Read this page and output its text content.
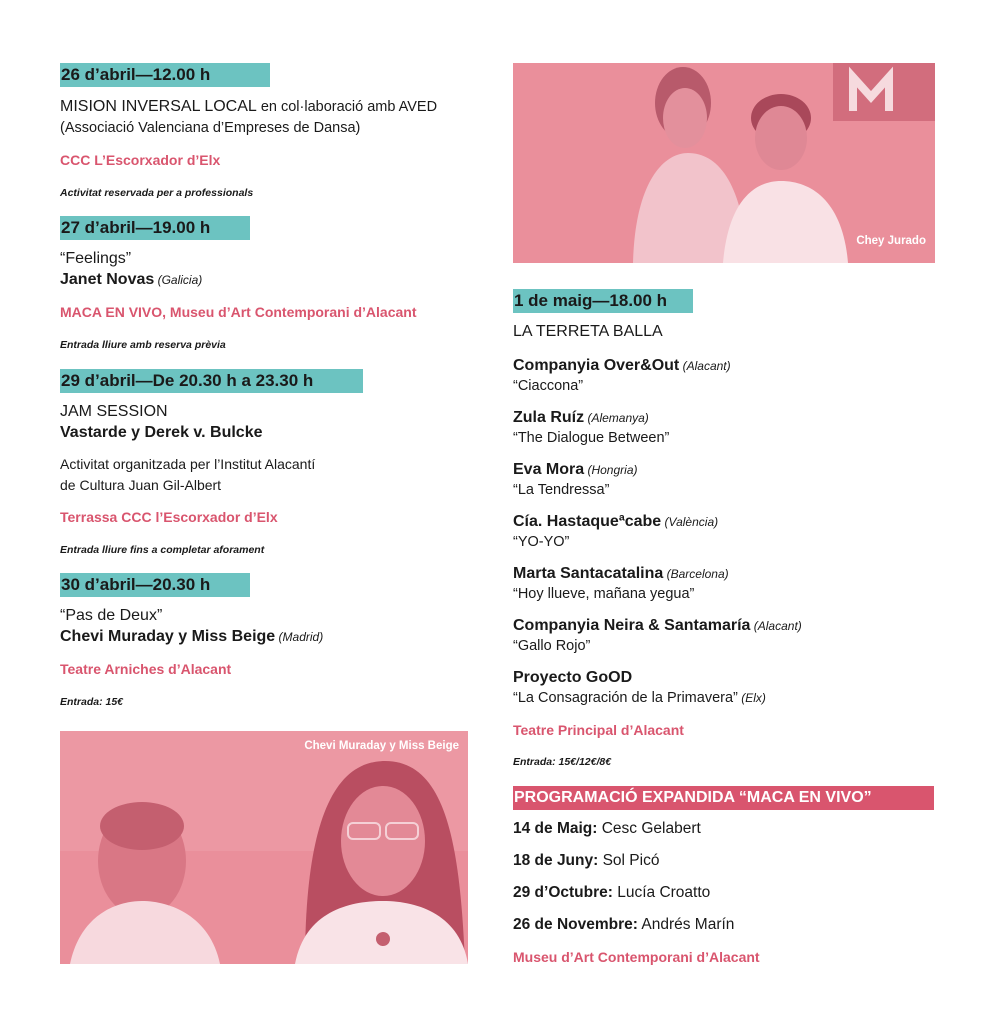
26 d’abril—12.00 h
MISION INVERSAL LOCAL en col·laboració amb AVED
(Associació Valenciana d’Empreses de Dansa)
CCC L’Escorxador d’Elx
Activitat reservada per a professionals
27 d’abril—19.00 h
“Feelings”
Janet Novas (Galicia)
MACA EN VIVO, Museu d’Art Contemporani d’Alacant
Entrada lliure amb reserva prèvia
29 d’abril—De 20.30 h a 23.30 h
JAM SESSION
Vastarde y Derek v. Bulcke
Activitat organitzada per l’Institut Alacantí
de Cultura Juan Gil-Albert
Terrassa CCC l’Escorxador d’Elx
Entrada lliure fins a completar aforament
30 d’abril—20.30 h
“Pas de Deux”
Chevi Muraday y Miss Beige (Madrid)
Teatre Arniches d’Alacant
Entrada: 15€
Chevi Muraday y Miss Beige
Chey Jurado
1 de maig—18.00 h
LA TERRETA BALLA
Companyia Over&Out (Alacant)
“Ciaccona”
Zula Ruíz (Alemanya)
“The Dialogue Between”
Eva Mora (Hongria)
“La Tendressa”
Cía. Hastaqueªcabe (València)
“YO-YO”
Marta Santacatalina (Barcelona)
“Hoy llueve, mañana yegua”
Companyia Neira & Santamaría (Alacant)
“Gallo Rojo”
Proyecto GoOD
“La Consagración de la Primavera” (Elx)
Teatre Principal d’Alacant
Entrada: 15€/12€/8€
PROGRAMACIÓ EXPANDIDA “MACA EN VIVO”
14 de Maig: Cesc Gelabert
18 de Juny: Sol Picó
29 d’Octubre: Lucía Croatto
26 de Novembre: Andrés Marín
Museu d’Art Contemporani d’Alacant
